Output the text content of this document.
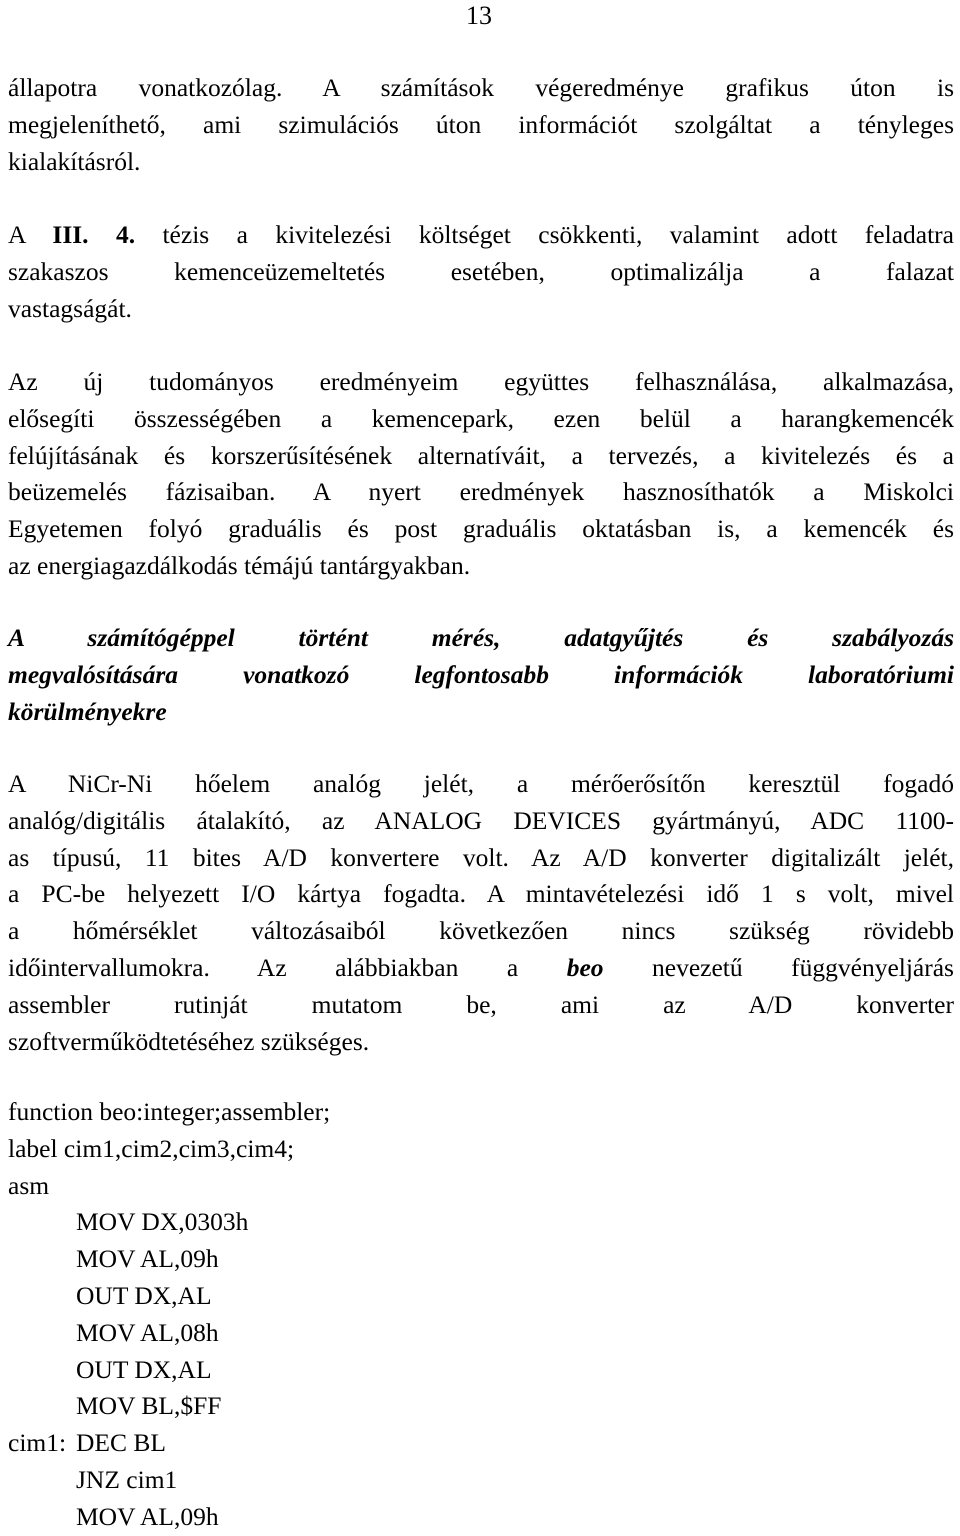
13
állapotra vonatkozólag. A számítások végeredménye grafikus úton is
megjeleníthető, ami szimulációs úton információt szolgáltat a tényleges
kialakításról.
A III. 4. tézis a kivitelezési költséget csökkenti, valamint adott feladatra
szakaszos kemenceüzemeltetés esetében, optimalizálja a falazat
vastagságát.
Az új tudományos eredményeim együttes felhasználása, alkalmazása,
elősegíti összességében a kemencepark, ezen belül a harangkemencék
felújításának és korszerűsítésének alternatíváit, a tervezés, a kivitelezés és a
beüzemelés fázisaiban. A nyert eredmények hasznosíthatók a Miskolci
Egyetemen folyó graduális és post graduális oktatásban is, a kemencék és
az energiagazdálkodás témájú tantárgyakban.
A számítógéppel történt mérés, adatgyűjtés és szabályozás
megvalósítására vonatkozó legfontosabb információk laboratóriumi
körülményekre
A NiCr-Ni hőelem analóg jelét, a mérőerősítőn keresztül fogadó
analóg/digitális átalakító, az ANALOG DEVICES gyártmányú, ADC 1100-
as típusú, 11 bites A/D konvertere volt. Az A/D konverter digitalizált jelét,
a PC-be helyezett I/O kártya fogadta. A mintavételezési idő 1 s volt, mivel
a hőmérséklet változásaiból következően nincs szükség rövidebb
időintervallumokra. Az alábbiakban a beo nevezetű függvényeljárás
assembler rutinját mutatom be, ami az A/D konverter
szoftverműködtetéséhez szükséges.
function beo:integer;assembler;
label cim1,cim2,cim3,cim4;
asm
MOV DX,0303h
MOV AL,09h
OUT DX,AL
MOV AL,08h
OUT DX,AL
MOV BL,$FF
cim1: DEC BL
JNZ cim1
MOV AL,09h
